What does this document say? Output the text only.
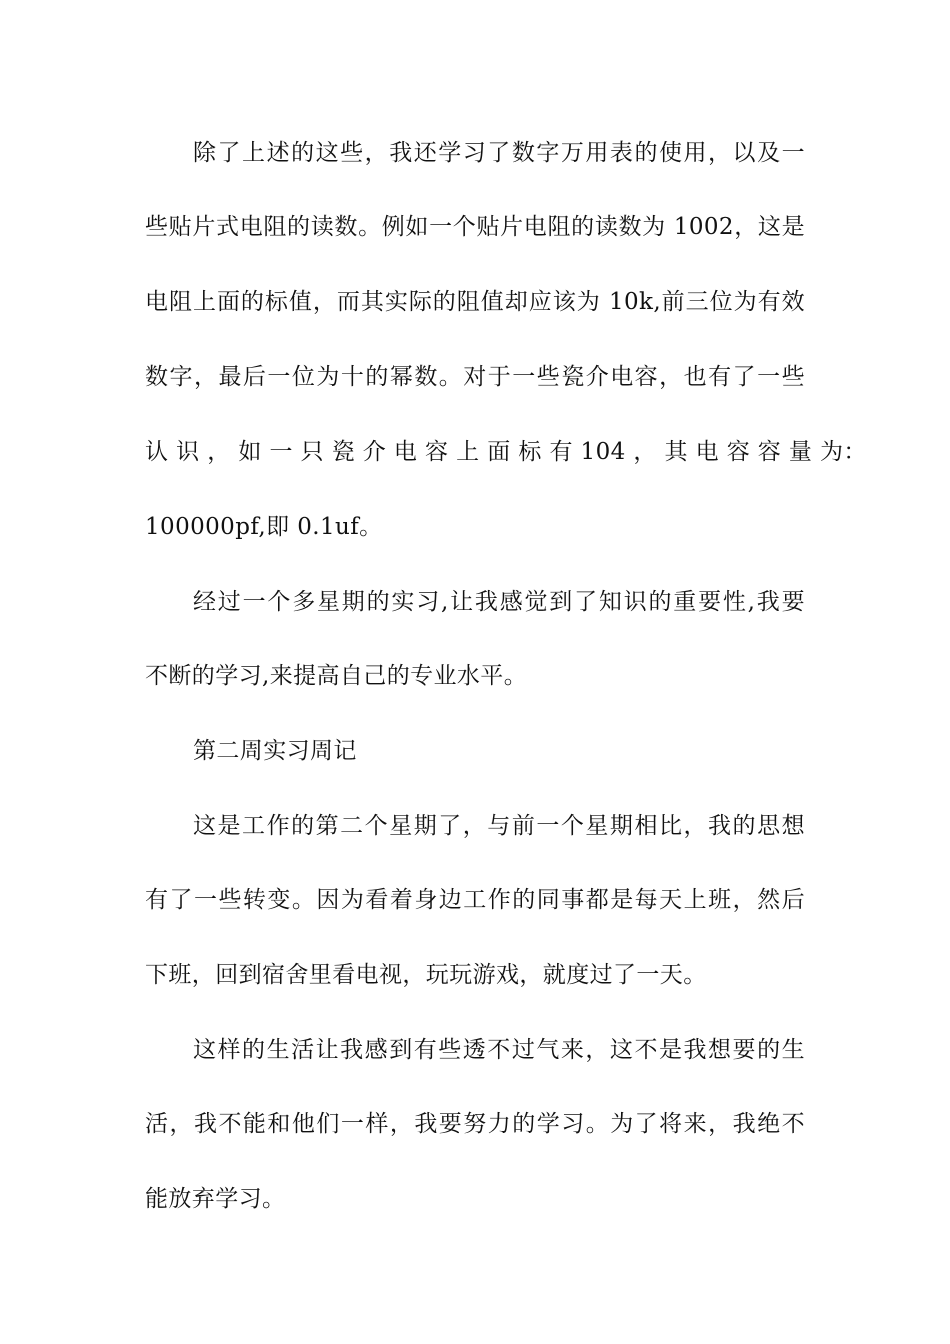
除了上述的这些，我还学习了数字万用表的使用，以及一
些贴片式电阻的读数。例如一个贴片电阻的读数为 1002，这是
电阻上面的标值，而其实际的阻值却应该为 10k,前三位为有效
数字，最后一位为十的幂数。对于一些瓷介电容，也有了一些
认 识 ， 如 一 只 瓷 介 电 容 上 面 标 有 104 ， 其 电 容 容 量 为：
100000pf,即 0.1uf。
经过一个多星期的实习,让我感觉到了知识的重要性,我要
不断的学习,来提高自己的专业水平。
第二周实习周记
这是工作的第二个星期了，与前一个星期相比，我的思想
有了一些转变。因为看着身边工作的同事都是每天上班，然后
下班，回到宿舍里看电视，玩玩游戏，就度过了一天。
这样的生活让我感到有些透不过气来，这不是我想要的生
活，我不能和他们一样，我要努力的学习。为了将来，我绝不
能放弃学习。
